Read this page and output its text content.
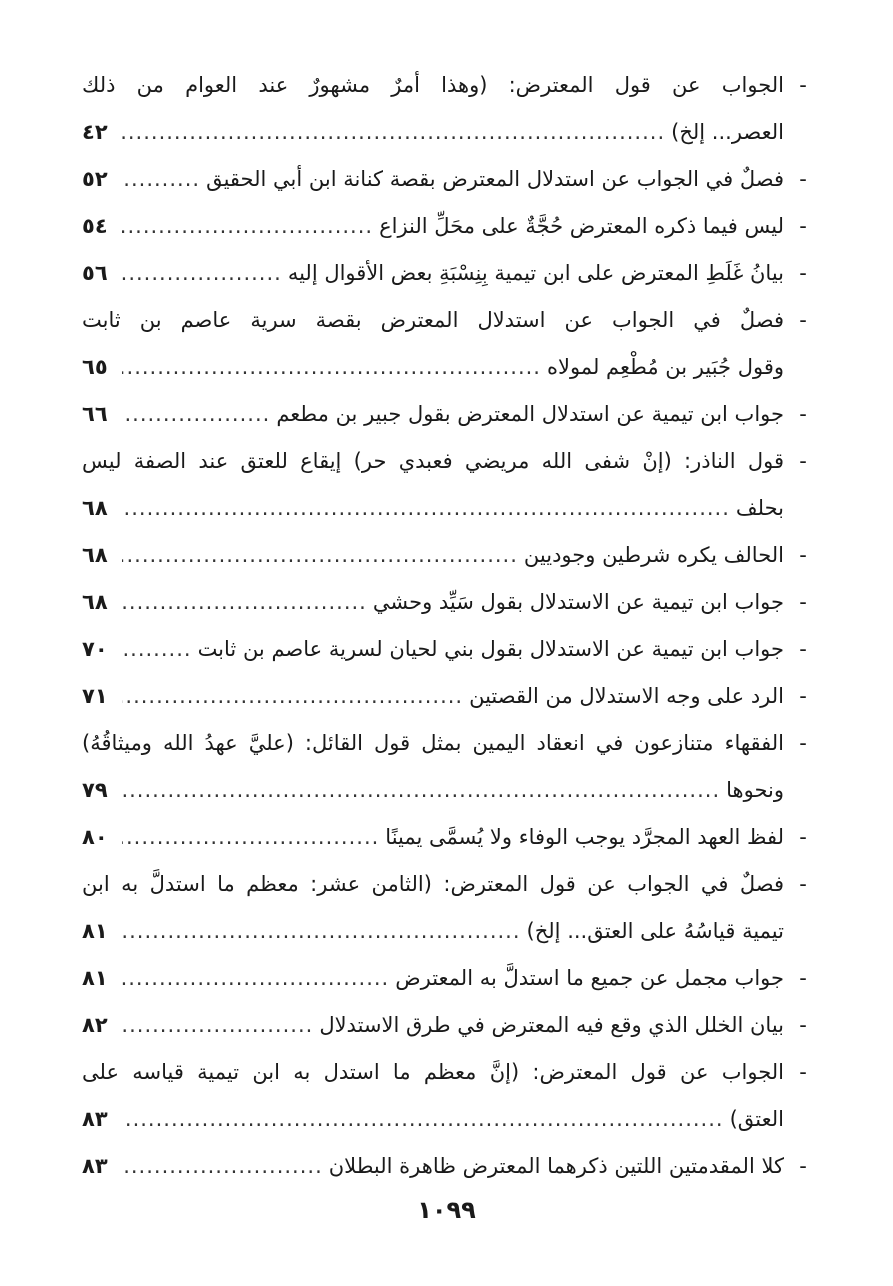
-
الجواب عن قول المعترض: (وهذا أمرٌ مشهورٌ عند العوام من ذلك
العصر... إلخ)
.....
٤٢
-
فصلٌ في الجواب عن استدلال المعترض بقصة كنانة ابن أبي الحقيق
.....
٥٢
-
ليس فيما ذكره المعترض حُجَّةٌ على محَلِّ النزاع
.....
٥٤
-
بيانُ غَلَطِ المعترض على ابن تيمية بِنِسْبَةِ بعض الأقوال إليه
.....
٥٦
-
فصلٌ في الجواب عن استدلال المعترض بقصة سرية عاصم بن ثابت
وقول جُبَير بن مُطْعِم لمولاه
.....
٦٥
-
جواب ابن تيمية عن استدلال المعترض بقول جبير بن مطعم
.....
٦٦
-
قول الناذر: (إنْ شفى الله مريضي فعبدي حر) إيقاع للعتق عند الصفة ليس
بحلف
.....
٦٨
-
الحالف يكره شرطين وجوديين
.....
٦٨
-
جواب ابن تيمية عن الاستدلال بقول سَيِّد وحشي
.....
٦٨
-
جواب ابن تيمية عن الاستدلال بقول بني لحيان لسرية عاصم بن ثابت
.....
٧٠
-
الرد على وجه الاستدلال من القصتين
.....
٧١
-
الفقهاء متنازعون في انعقاد اليمين بمثل قول القائل: (عليَّ عهدُ الله وميثاقُهُ)
ونحوها
.....
٧٩
-
لفظ العهد المجرَّد يوجب الوفاء ولا يُسمَّى يمينًا
.....
٨٠
-
فصلٌ في الجواب عن قول المعترض: (الثامن عشر: معظم ما استدلَّ به ابن
تيمية قياسُهُ على العتق... إلخ)
.....
٨١
-
جواب مجمل عن جميع ما استدلَّ به المعترض
.....
٨١
-
بيان الخلل الذي وقع فيه المعترض في طرق الاستدلال
.....
٨٢
-
الجواب عن قول المعترض: (إنَّ معظم ما استدل به ابن تيمية قياسه على
العتق)
.....
٨٣
-
كلا المقدمتين اللتين ذكرهما المعترض ظاهرة البطلان
.....
٨٣
١٠٩٩
